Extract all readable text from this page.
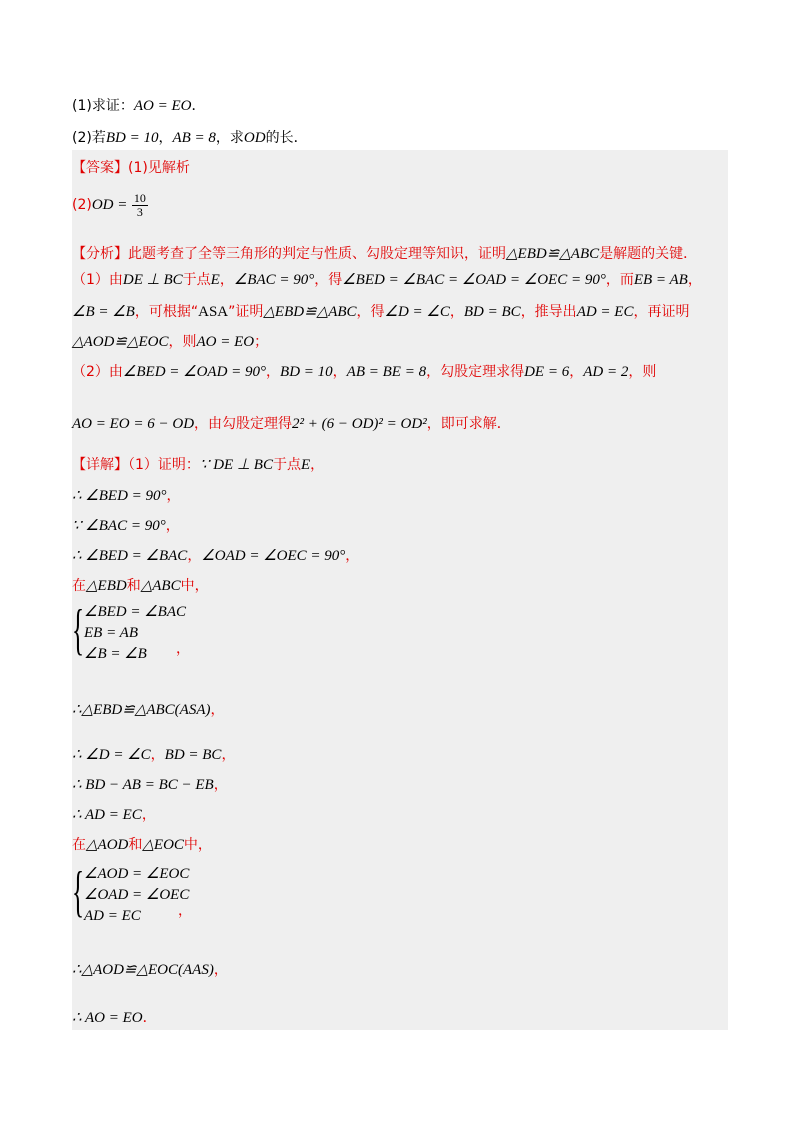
(1)求证：AO = EO．
(2)若BD = 10，AB = 8，求OD的长．
【答案】(1)见解析
$(2)OD = \frac{10}{3}$
【分析】此题考查了全等三角形的判定与性质、勾股定理等知识，证明△EBD≌△ABC是解题的关键．
（1）由DE ⊥ BC于点E，∠BAC = 90°，得∠BED = ∠BAC = ∠OAD = ∠OEC = 90°，而EB = AB，
∠B = ∠B，可根据“ASA”证明△EBD≌△ABC，得∠D = ∠C，BD = BC，推导出AD = EC，再证明
△AOD≌△EOC，则AO = EO；
（2）由∠BED = ∠OAD = 90°，BD = 10，AB = BE = 8，勾股定理求得DE = 6，AD = 2，则
AO = EO = 6 − OD，由勾股定理得2² + (6 − OD)² = OD²，即可求解．
【详解】（1）证明：∵ DE ⊥ BC于点E，
∴ ∠BED = 90°，
∵ ∠BAC = 90°，
∴ ∠BED = ∠BAC，∠OAD = ∠OEC = 90°，
在△EBD和△ABC中，
{ ∠BED = ∠BAC
EB = AB
∠B = ∠B	，
∴△EBD≌△ABC(ASA)，
∴ ∠D = ∠C，BD = BC，
∴ BD − AB = BC − EB，
∴ AD = EC，
在△AOD和△EOC中，
{ ∠AOD = ∠EOC
∠OAD = ∠OEC
AD = EC	，
∴△AOD≌△EOC(AAS)，
∴ AO = EO．
